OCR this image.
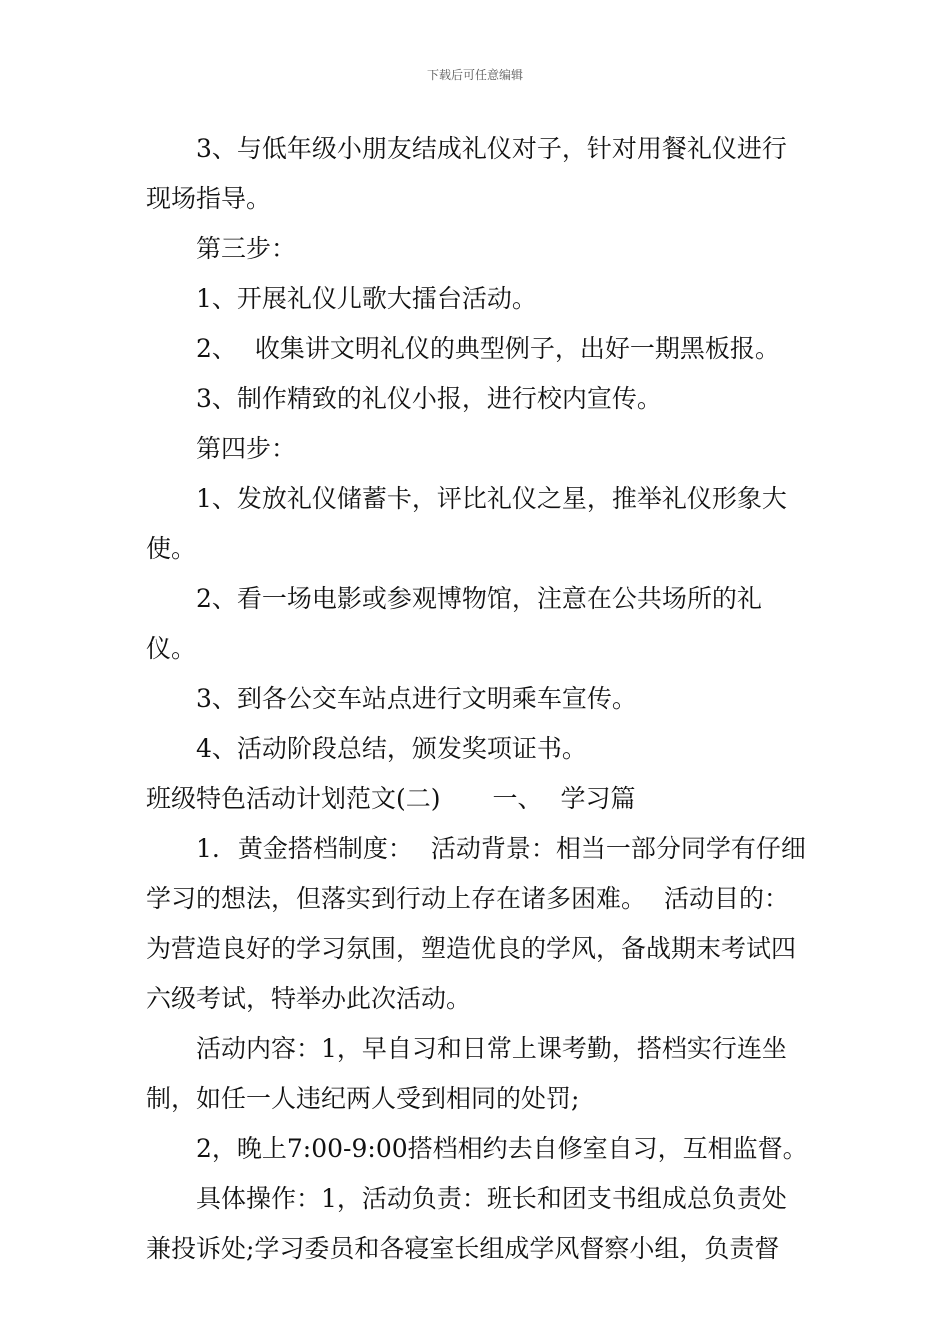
下载后可任意编辑

3、与低年级小朋友结成礼仪对子，针对用餐礼仪进行现场指导。

第三步：

1、开展礼仪儿歌大擂台活动。

2、 收集讲文明礼仪的典型例子，出好一期黑板报。

3、制作精致的礼仪小报，进行校内宣传。

第四步：

1、发放礼仪储蓄卡，评比礼仪之星，推举礼仪形象大使。

2、看一场电影或参观博物馆，注意在公共场所的礼仪。

3、到各公交车站点进行文明乘车宣传。

4、活动阶段总结，颁发奖项证书。

班级特色活动计划范文(二) 一、 学习篇

1. 黄金搭档制度： 活动背景：相当一部分同学有仔细学习的想法，但落实到行动上存在诸多困难。 活动目的：为营造良好的学习氛围，塑造优良的学风，备战期末考试四六级考试，特举办此次活动。

活动内容：1，早自习和日常上课考勤，搭档实行连坐制，如任一人违纪两人受到相同的处罚;

2，晚上7:00-9:00搭档相约去自修室自习，互相监督。

具体操作：1，活动负责：班长和团支书组成总负责处兼投诉处;学习委员和各寝室长组成学风督察小组，负责督
